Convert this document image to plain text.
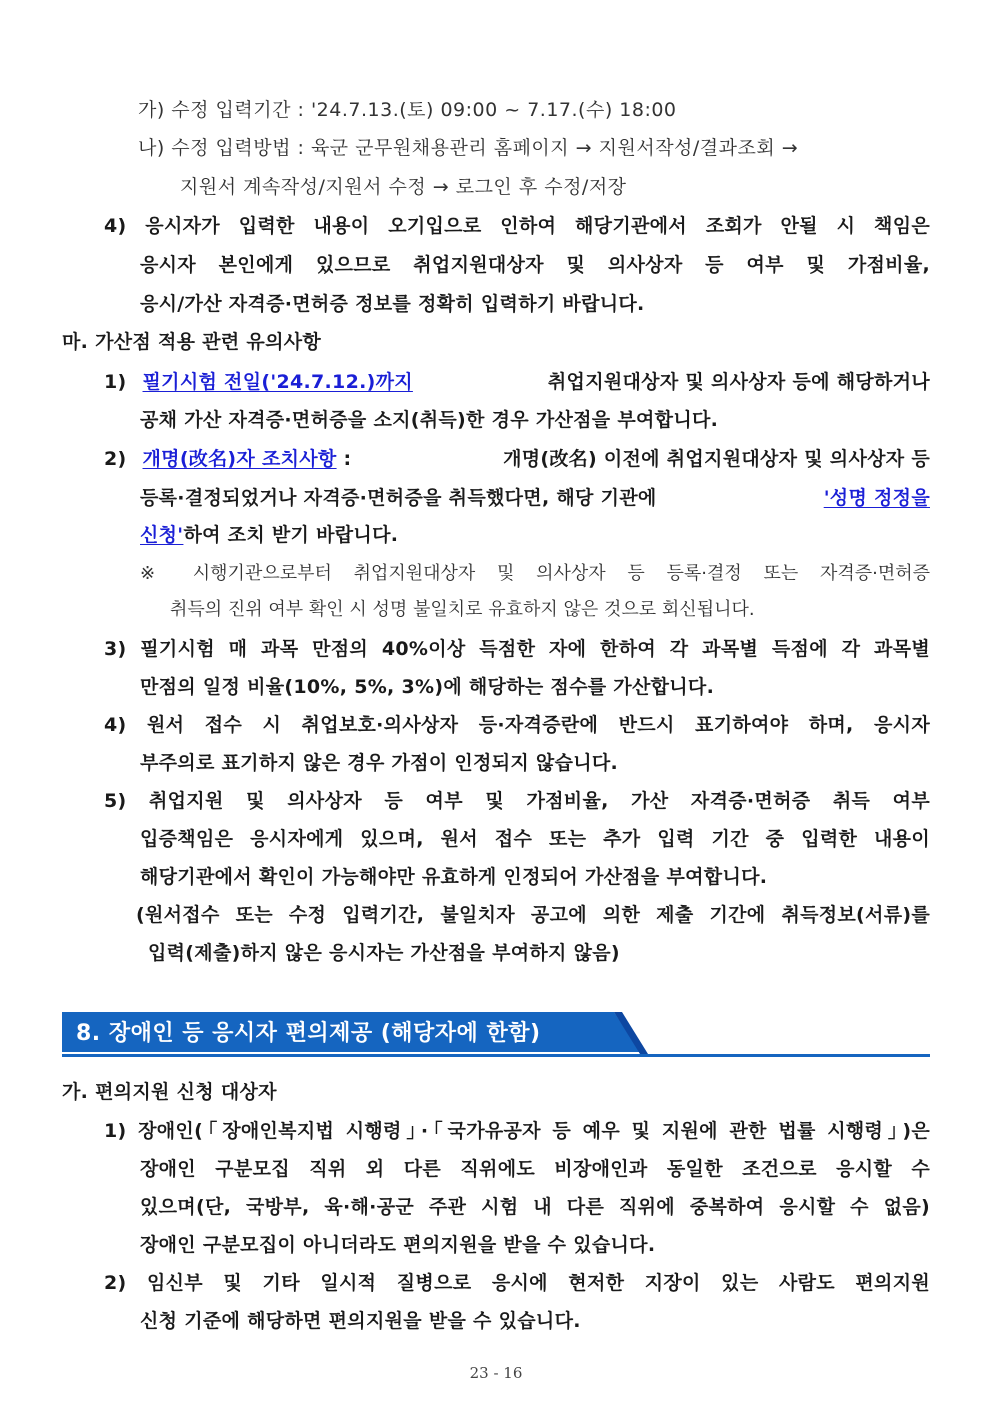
가) 수정 입력기간 : '24.7.13.(토) 09:00 ~ 7.17.(수) 18:00
나) 수정 입력방법 : 육군 군무원채용관리 홈페이지 → 지원서작성/결과조회 →
지원서 계속작성/지원서 수정 → 로그인 후 수정/저장
4) 응시자가 입력한 내용이 오기입으로 인하여 해당기관에서 조회가 안될 시 책임은
응시자 본인에게 있으므로 취업지원대상자 및 의사상자 등 여부 및 가점비율,
응시/가산 자격증·면허증 정보를 정확히 입력하기 바랍니다.
마. 가산점 적용 관련 유의사항
1) 필기시험 전일('24.7.12.)까지	취업지원대상자 및 의사상자 등에 해당하거나
공채 가산 자격증·면허증을 소지(취득)한 경우 가산점을 부여합니다.
2) 개명(改名)자 조치사항 :	개명(改名) 이전에 취업지원대상자 및 의사상자 등
등록·결정되었거나 자격증·면허증을 취득했다면, 해당 기관에	'성명 정정을
신청'하여 조치 받기 바랍니다.
※ 시행기관으로부터 취업지원대상자 및 의사상자 등 등록·결정 또는 자격증·면허증
취득의 진위 여부 확인 시 성명 불일치로 유효하지 않은 것으로 회신됩니다.
3) 필기시험 매 과목 만점의 40%이상 득점한 자에 한하여 각 과목별 득점에 각 과목별
만점의 일정 비율(10%, 5%, 3%)에 해당하는 점수를 가산합니다.
4) 원서 접수 시 취업보호·의사상자 등·자격증란에 반드시 표기하여야 하며, 응시자
부주의로 표기하지 않은 경우 가점이 인정되지 않습니다.
5) 취업지원 및 의사상자 등 여부 및 가점비율, 가산 자격증·면허증 취득 여부
입증책임은 응시자에게 있으며, 원서 접수 또는 추가 입력 기간 중 입력한 내용이
해당기관에서 확인이 가능해야만 유효하게 인정되어 가산점을 부여합니다.
(원서접수 또는 수정 입력기간, 불일치자 공고에 의한 제출 기간에 취득정보(서류)를
입력(제출)하지 않은 응시자는 가산점을 부여하지 않음)
8. 장애인 등 응시자 편의제공 (해당자에 한함)
가. 편의지원 신청 대상자
1) 장애인(「장애인복지법 시행령」·「국가유공자 등 예우 및 지원에 관한 법률 시행령」)은
장애인 구분모집 직위 외 다른 직위에도 비장애인과 동일한 조건으로 응시할 수
있으며(단, 국방부, 육·해·공군 주관 시험 내 다른 직위에 중복하여 응시할 수 없음)
장애인 구분모집이 아니더라도 편의지원을 받을 수 있습니다.
2) 임신부 및 기타 일시적 질병으로 응시에 현저한 지장이 있는 사람도 편의지원
신청 기준에 해당하면 편의지원을 받을 수 있습니다.
23 - 16
